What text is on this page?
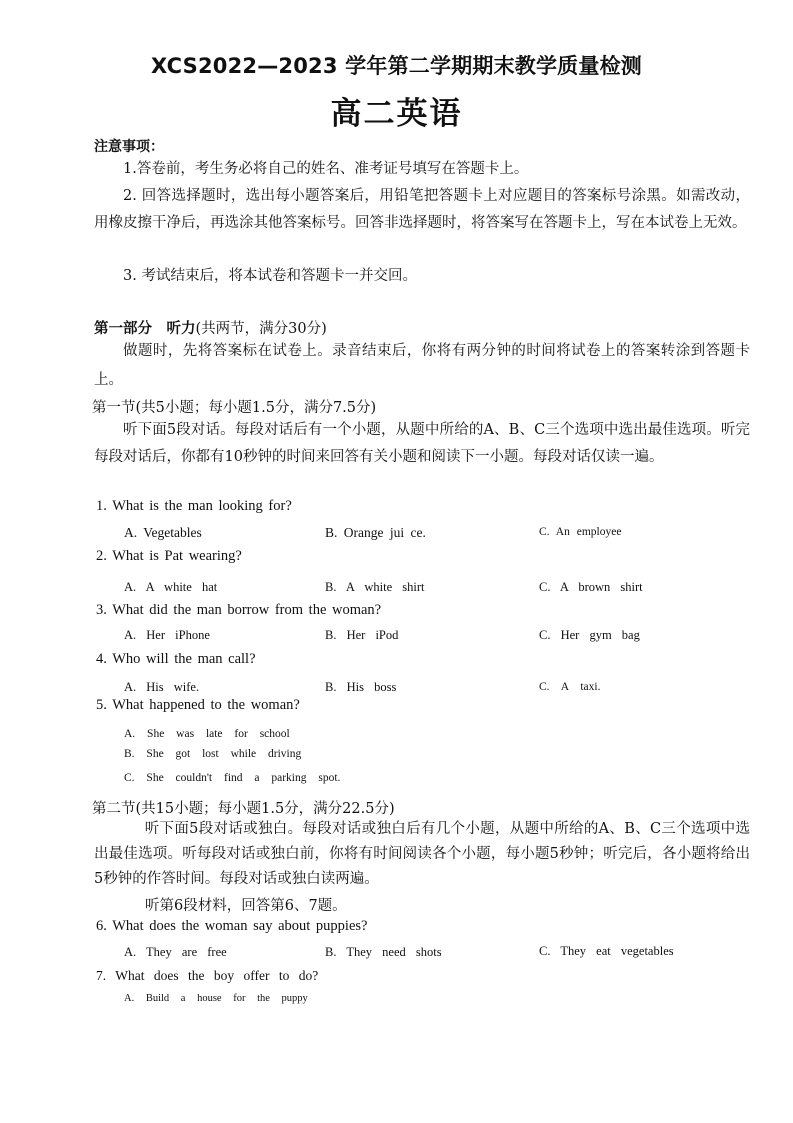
XCS2022—2023 学年第二学期期末教学质量检测
高二英语
注意事项：
1.答卷前，考生务必将自己的姓名、准考证号填写在答题卡上。
2. 回答选择题时，选出每小题答案后，用铅笔把答题卡上对应题目的答案标号涂黑。如需改动，用橡皮擦干净后，再选涂其他答案标号。回答非选择题时，将答案写在答题卡上，写在本试卷上无效。
3. 考试结束后，将本试卷和答题卡一并交回。
第一部分　听力(共两节，满分30分)
做题时，先将答案标在试卷上。录音结束后，你将有两分钟的时间将试卷上的答案转涂到答题卡上。
第一节(共5小题；每小题1.5分，满分7.5分)
听下面5段对话。每段对话后有一个小题，从题中所给的A、B、C三个选项中选出最佳选项。听完每段对话后，你都有10秒钟的时间来回答有关小题和阅读下一小题。每段对话仅读一遍。
1. What is the man looking for?
A. Vegetables	B. Orange jui ce.	C. An employee
2. What is Pat wearing?
A. A white hat	B. A white shirt	C. A brown shirt
3. What did the man borrow from the woman?
A. Her iPhone	B. Her iPod	C. Her gym bag
4. Who will the man call?
A. His wife.	B. His boss	C. A taxi.
5. What happened to the woman?
A. She was late for school
B. She got lost while driving
C. She couldn't find a parking spot.
第二节(共15小题；每小题1.5分，满分22.5分)
听下面5段对话或独白。每段对话或独白后有几个小题，从题中所给的A、B、C三个选项中选出最佳选项。听每段对话或独白前，你将有时间阅读各个小题，每小题5秒钟；听完后，各小题将给出5秒钟的作答时间。每段对话或独白读两遍。
听第6段材料，回答第6、7题。
6. What does the woman say about puppies?
A. They are free	B. They need shots	C. They eat vegetables
7. What does the boy offer to do?
A. Build a house for the puppy
